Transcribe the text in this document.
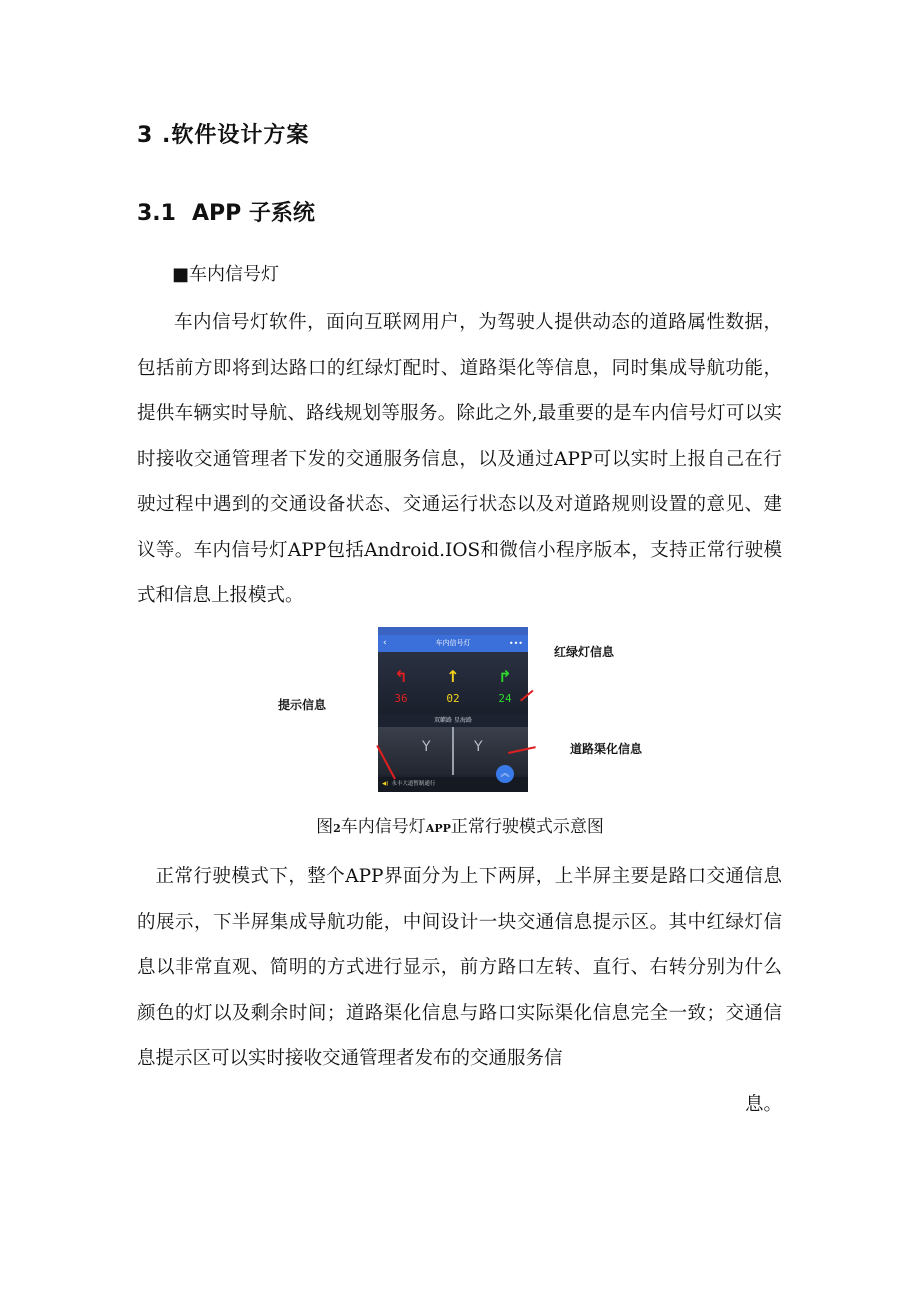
3 .软件设计方案
3.1 APP 子系统
■车内信号灯
车内信号灯软件，面向互联网用户，为驾驶人提供动态的道路属性数据，包括前方即将到达路口的红绿灯配时、道路渠化等信息，同时集成导航功能，提供车辆实时导航、路线规划等服务。除此之外,最重要的是车内信号灯可以实时接收交通管理者下发的交通服务信息，以及通过APP可以实时上报自己在行驶过程中遇到的交通设备状态、交通运行状态以及对道路规则设置的意见、建议等。车内信号灯APP包括Android.IOS和微信小程序版本，支持正常行驶模式和信息上报模式。
红绿灯信息
提示信息
道路渠化信息
‹	车内信号灯	•••
↰	↑	↱
36	02	24
双麒路 星海路
Y	Y
◀) 永丰大道暂制通行
︽
图2车内信号灯APP正常行驶模式示意图
正常行驶模式下，整个APP界面分为上下两屏，上半屏主要是路口交通信息的展示，下半屏集成导航功能，中间设计一块交通信息提示区。其中红绿灯信息以非常直观、简明的方式进行显示，前方路口左转、直行、右转分别为什么颜色的灯以及剩余时间；道路渠化信息与路口实际渠化信息完全一致；交通信息提示区可以实时接收交通管理者发布的交通服务信
息。
